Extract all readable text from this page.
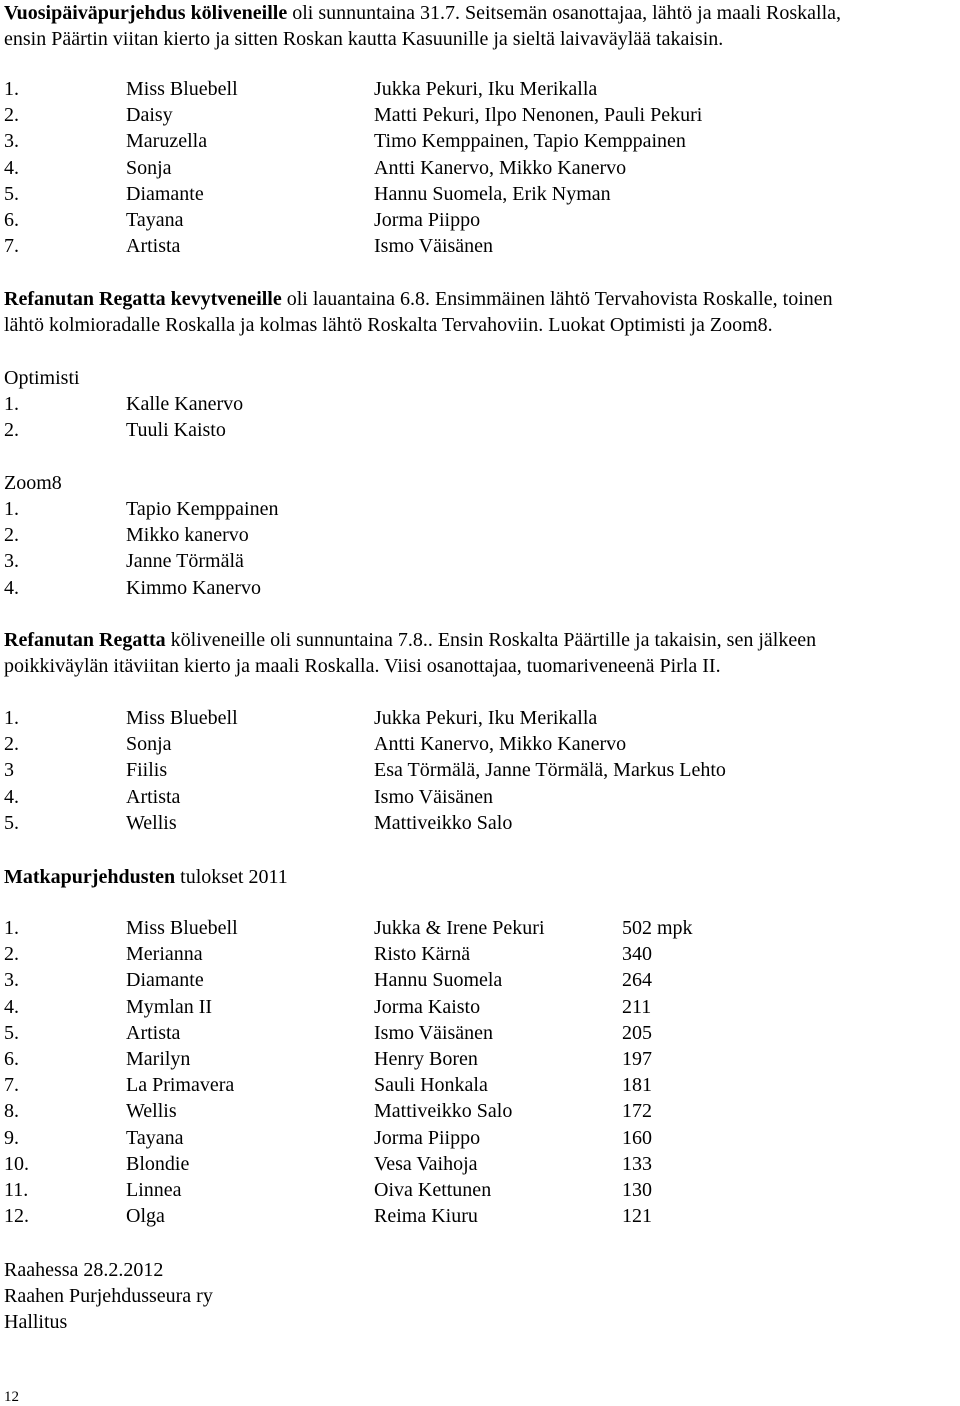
Vuosipäiväpurjehdus köliveneille oli sunnuntaina 31.7. Seitsemän osanottajaa, lähtö ja maali Roskalla,

ensin Päärtin viitan kierto ja sitten Roskan kautta Kasuunille ja sieltä laivaväylää takaisin.

1.	Miss Bluebell	Jukka Pekuri, Iku Merikalla
2.	Daisy	Matti Pekuri, Ilpo Nenonen, Pauli Pekuri
3.	Maruzella	Timo Kemppainen, Tapio Kemppainen
4.	Sonja	Antti Kanervo, Mikko Kanervo
5.	Diamante	Hannu Suomela, Erik Nyman
6.	Tayana	Jorma Piippo
7.	Artista	Ismo Väisänen

Refanutan Regatta kevytveneille oli lauantaina 6.8. Ensimmäinen lähtö Tervahovista Roskalle, toinen

lähtö kolmioradalle Roskalla ja kolmas lähtö Roskalta Tervahoviin. Luokat Optimisti ja Zoom8.

Optimisti

1.	Kalle Kanervo
2.	Tuuli Kaisto

Zoom8

1.	Tapio Kemppainen
2.	Mikko kanervo
3.	Janne Törmälä
4.	Kimmo Kanervo

Refanutan Regatta köliveneille oli sunnuntaina 7.8.. Ensin Roskalta Päärtille ja takaisin, sen jälkeen

poikkiväylän itäviitan kierto ja maali Roskalla. Viisi osanottajaa, tuomariveneenä Pirla II.

1.	Miss Bluebell	Jukka Pekuri, Iku Merikalla
2.	Sonja	Antti Kanervo, Mikko Kanervo
3	Fiilis	Esa Törmälä, Janne Törmälä, Markus Lehto
4.	Artista	Ismo Väisänen
5.	Wellis	Mattiveikko Salo

Matkapurjehdusten tulokset 2011

1.	Miss Bluebell	Jukka & Irene Pekuri	502 mpk
2.	Merianna	Risto Kärnä	340
3.	Diamante	Hannu Suomela	264
4.	Mymlan II	Jorma Kaisto	211
5.	Artista	Ismo Väisänen	205
6.	Marilyn	Henry Boren	197
7.	La Primavera	Sauli Honkala	181
8.	Wellis	Mattiveikko Salo	172
9.	Tayana	Jorma Piippo	160
10.	Blondie	Vesa Vaihoja	133
11.	Linnea	Oiva Kettunen	130
12.	Olga	Reima Kiuru	121

Raahessa 28.2.2012

Raahen Purjehdusseura ry

Hallitus

12
